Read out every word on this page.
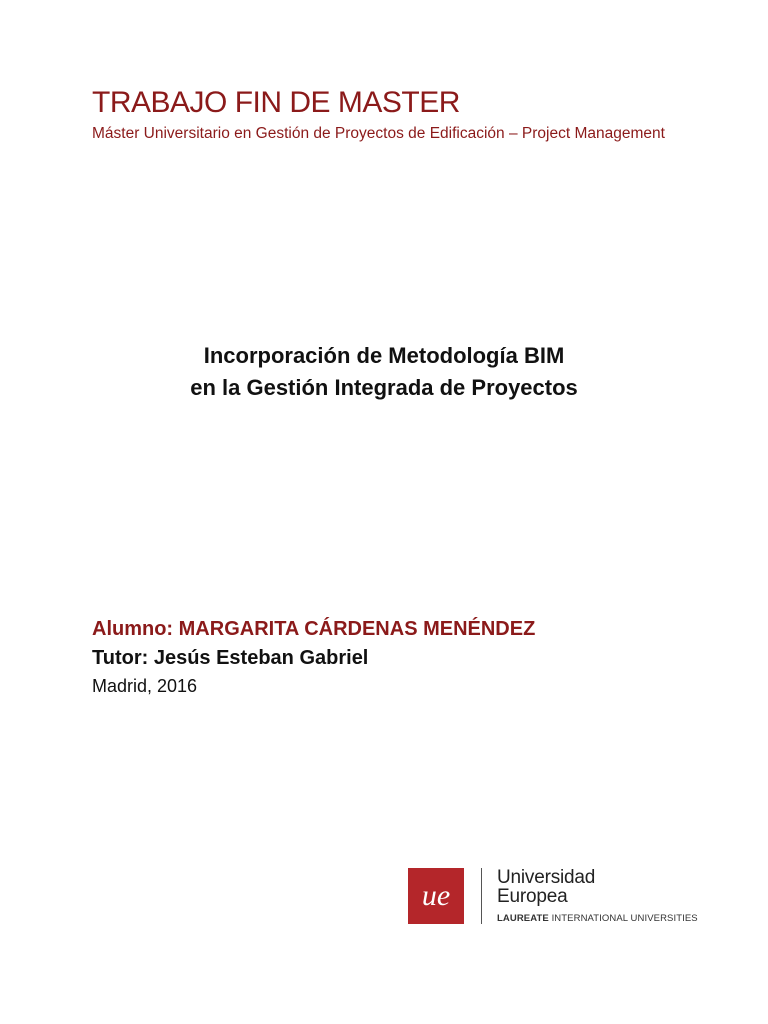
TRABAJO FIN DE MASTER
Máster Universitario en Gestión de Proyectos de Edificación – Project Management
Incorporación de Metodología BIM
en la Gestión Integrada de Proyectos
Alumno: MARGARITA CÁRDENAS MENÉNDEZ
Tutor: Jesús Esteban Gabriel
Madrid, 2016
ue
Universidad
Europea
LAUREATE INTERNATIONAL UNIVERSITIES
